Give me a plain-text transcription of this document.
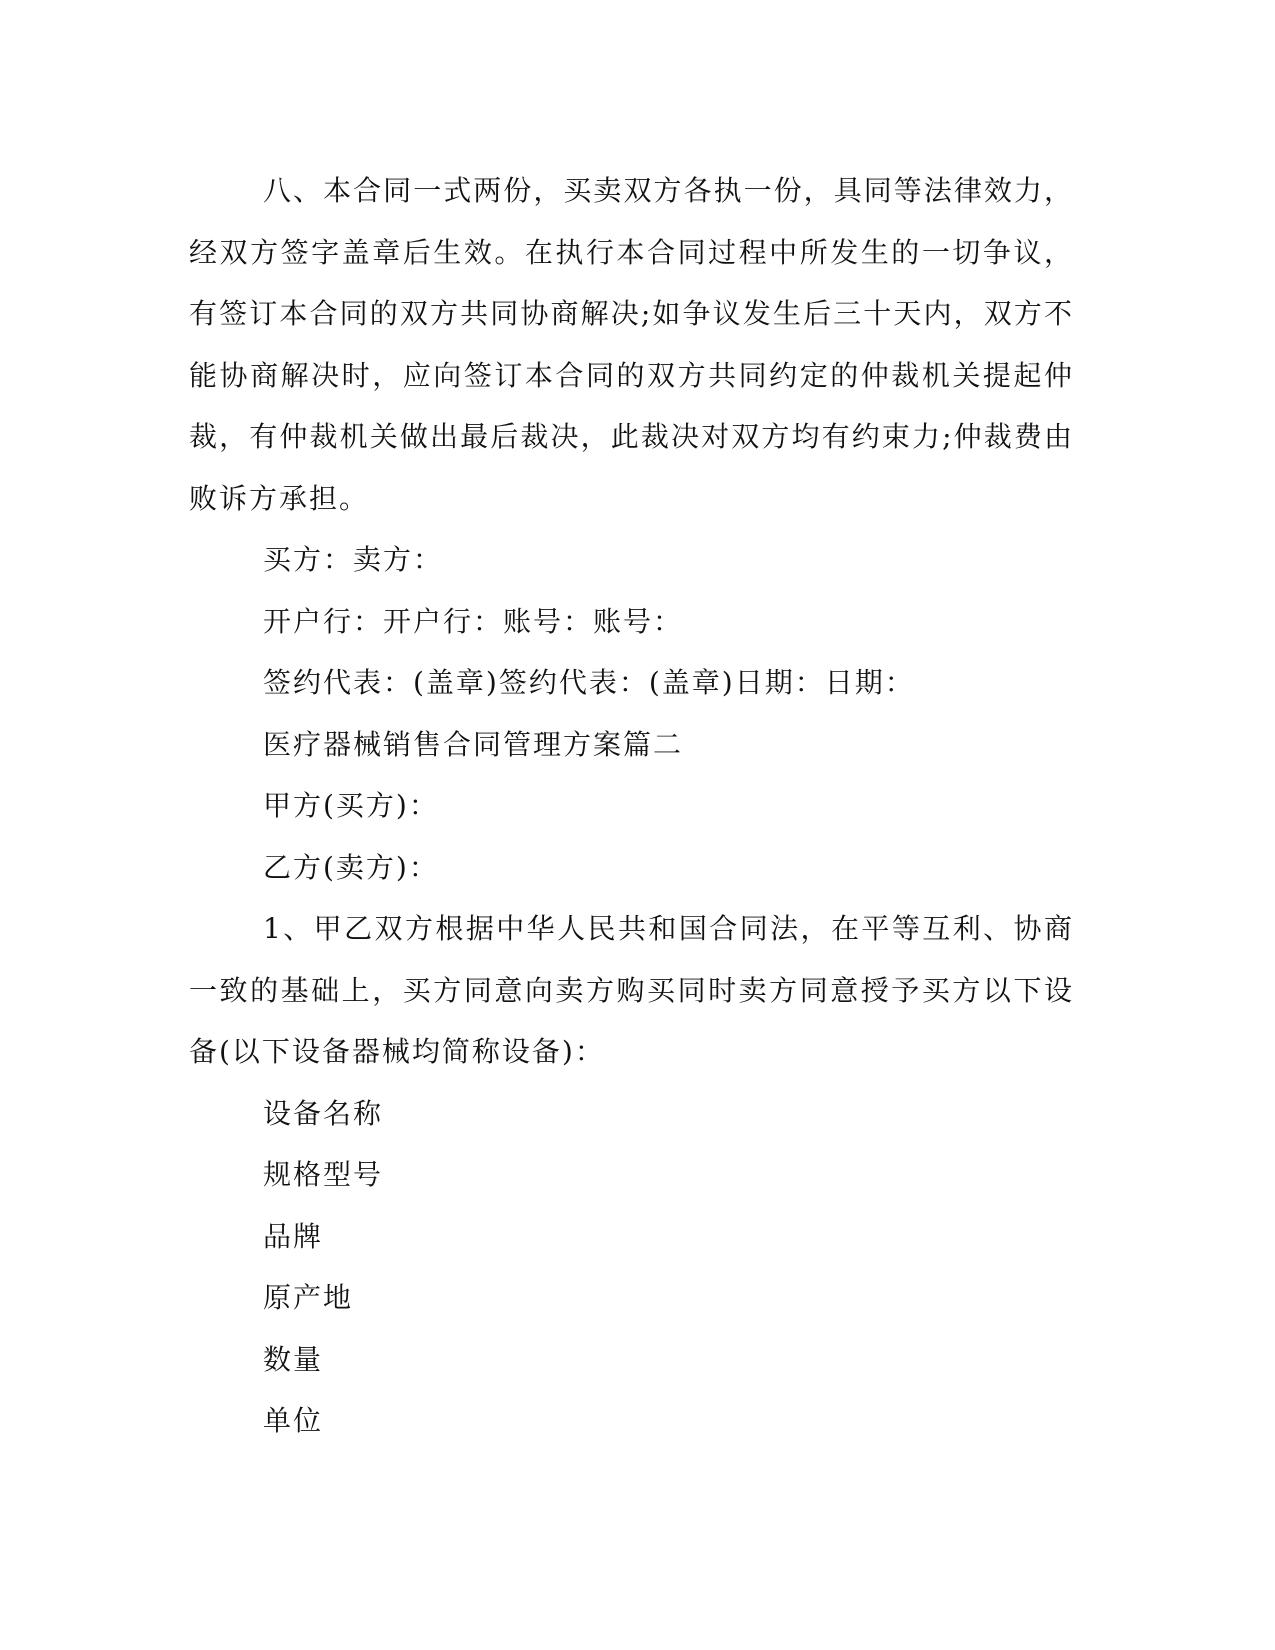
八、本合同一式两份，买卖双方各执一份，具同等法律效力，经双方签字盖章后生效。在执行本合同过程中所发生的一切争议，有签订本合同的双方共同协商解决;如争议发生后三十天内，双方不能协商解决时，应向签订本合同的双方共同约定的仲裁机关提起仲裁，有仲裁机关做出最后裁决，此裁决对双方均有约束力;仲裁费由败诉方承担。

买方：卖方：

开户行：开户行：账号：账号：

签约代表：(盖章)签约代表：(盖章)日期：日期：

医疗器械销售合同管理方案篇二

甲方(买方)：

乙方(卖方)：

1、甲乙双方根据中华人民共和国合同法，在平等互利、协商一致的基础上，买方同意向卖方购买同时卖方同意授予买方以下设备(以下设备器械均简称设备)：

设备名称

规格型号

品牌

原产地

数量

单位
